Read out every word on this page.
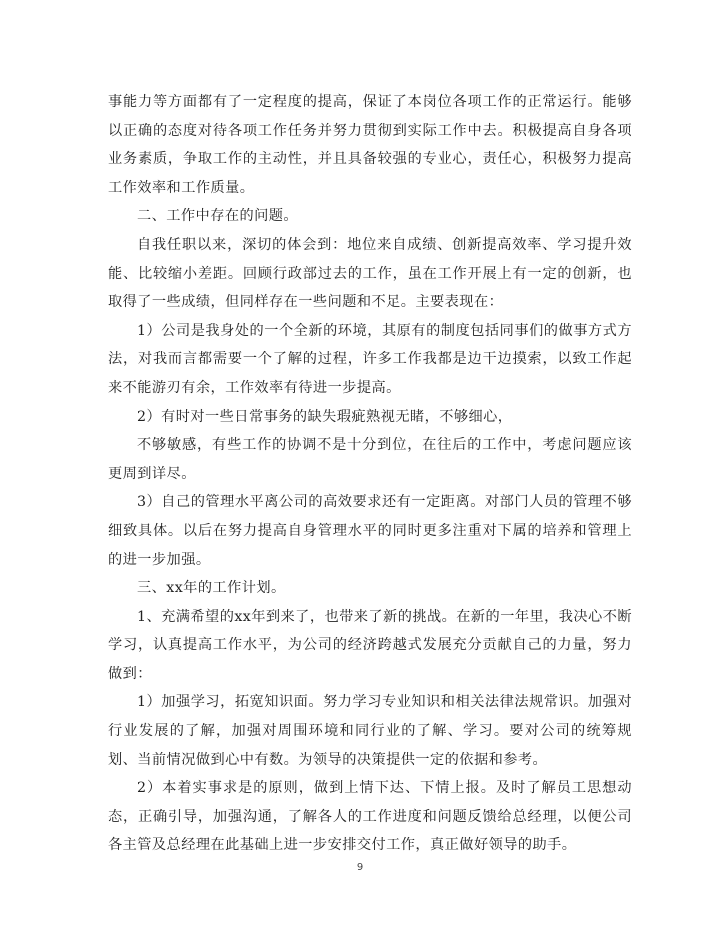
事能力等方面都有了一定程度的提高，保证了本岗位各项工作的正常运行。能够以正确的态度对待各项工作任务并努力贯彻到实际工作中去。积极提高自身各项业务素质，争取工作的主动性，并且具备较强的专业心，责任心，积极努力提高工作效率和工作质量。

二、工作中存在的问题。

自我任职以来，深切的体会到：地位来自成绩、创新提高效率、学习提升效能、比较缩小差距。回顾行政部过去的工作，虽在工作开展上有一定的创新，也取得了一些成绩，但同样存在一些问题和不足。主要表现在：

1）公司是我身处的一个全新的环境，其原有的制度包括同事们的做事方式方法，对我而言都需要一个了解的过程，许多工作我都是边干边摸索，以致工作起来不能游刃有余，工作效率有待进一步提高。

2）有时对一些日常事务的缺失瑕疵熟视无睹，不够细心，

不够敏感，有些工作的协调不是十分到位，在往后的工作中，考虑问题应该更周到详尽。

3）自己的管理水平离公司的高效要求还有一定距离。对部门人员的管理不够细致具体。以后在努力提高自身管理水平的同时更多注重对下属的培养和管理上的进一步加强。

三、xx年的工作计划。

1、充满希望的xx年到来了，也带来了新的挑战。在新的一年里，我决心不断学习，认真提高工作水平，为公司的经济跨越式发展充分贡献自己的力量，努力做到：

1）加强学习，拓宽知识面。努力学习专业知识和相关法律法规常识。加强对行业发展的了解，加强对周围环境和同行业的了解、学习。要对公司的统筹规划、当前情况做到心中有数。为领导的决策提供一定的依据和参考。

2）本着实事求是的原则，做到上情下达、下情上报。及时了解员工思想动态，正确引导，加强沟通，了解各人的工作进度和问题反馈给总经理，以便公司各主管及总经理在此基础上进一步安排交付工作，真正做好领导的助手。

9
